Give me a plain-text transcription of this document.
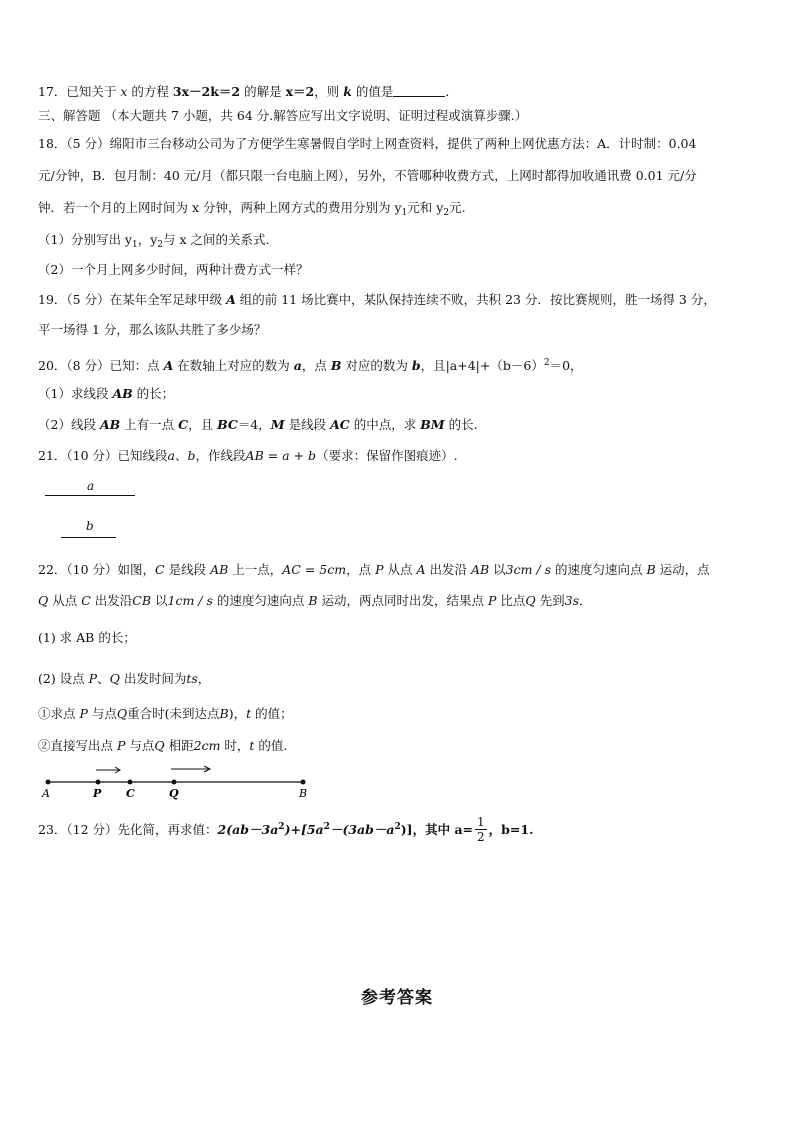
17．已知关于 x 的方程 3x－2k＝2 的解是 x＝2，则 k 的值是	．
三、解答题 （本大题共 7 小题，共 64 分.解答应写出文字说明、证明过程或演算步骤.）
18．（5 分）绵阳市三台移动公司为了方便学生寒暑假自学时上网查资料，提供了两种上网优惠方法：A．计时制：0.04
元/分钟，B．包月制：40 元/月（都只限一台电脑上网），另外，不管哪种收费方式，上网时都得加收通讯费 0.01 元/分
钟．若一个月的上网时间为 x 分钟，两种上网方式的费用分别为 $y_1$元和 $y_2$元.
（1）分别写出 $y_1$，$y_2$与 x 之间的关系式.
（2）一个月上网多少时间，两种计费方式一样？
19．（5 分）在某年全军足球甲级 A 组的前 11 场比赛中，某队保持连续不败，共积 23 分．按比赛规则，胜一场得 3 分，
平一场得 1 分，那么该队共胜了多少场？
20．（8 分）已知：点 A 在数轴上对应的数为 a，点 B 对应的数为 b，且$|a+4|+(b-6)^2=0$，
（1）求线段 AB 的长；
（2）线段 AB 上有一点 C，且 BC＝4，M 是线段 AC 的中点，求 BM 的长.
21．（10 分）已知线段a、b，作线段AB = a + b（要求：保留作图痕迹）.
a
b
22．（10 分）如图，C 是线段 AB 上一点，AC = 5cm，点 P 从点 A 出发沿 AB 以3cm / s 的速度匀速向点 B 运动，点
Q 从点 C 出发沿CB 以1cm / s 的速度匀速向点 B 运动，两点同时出发，结果点 P 比点Q 先到3s．
(1) 求 AB 的长；
(2) 设点 P、Q 出发时间为ts，
①求点 P 与点Q重合时(未到达点B)，t 的值；
②直接写出点 P 与点Q 相距2cm 时，t 的值.
A	P C	Q	B
23．（12 分）先化简，再求值：$2(ab-3a^2)+[5a^2-(3ab-a^2)]$，其中 $a= \frac{1}{2}$ ，b=1.
参考答案
